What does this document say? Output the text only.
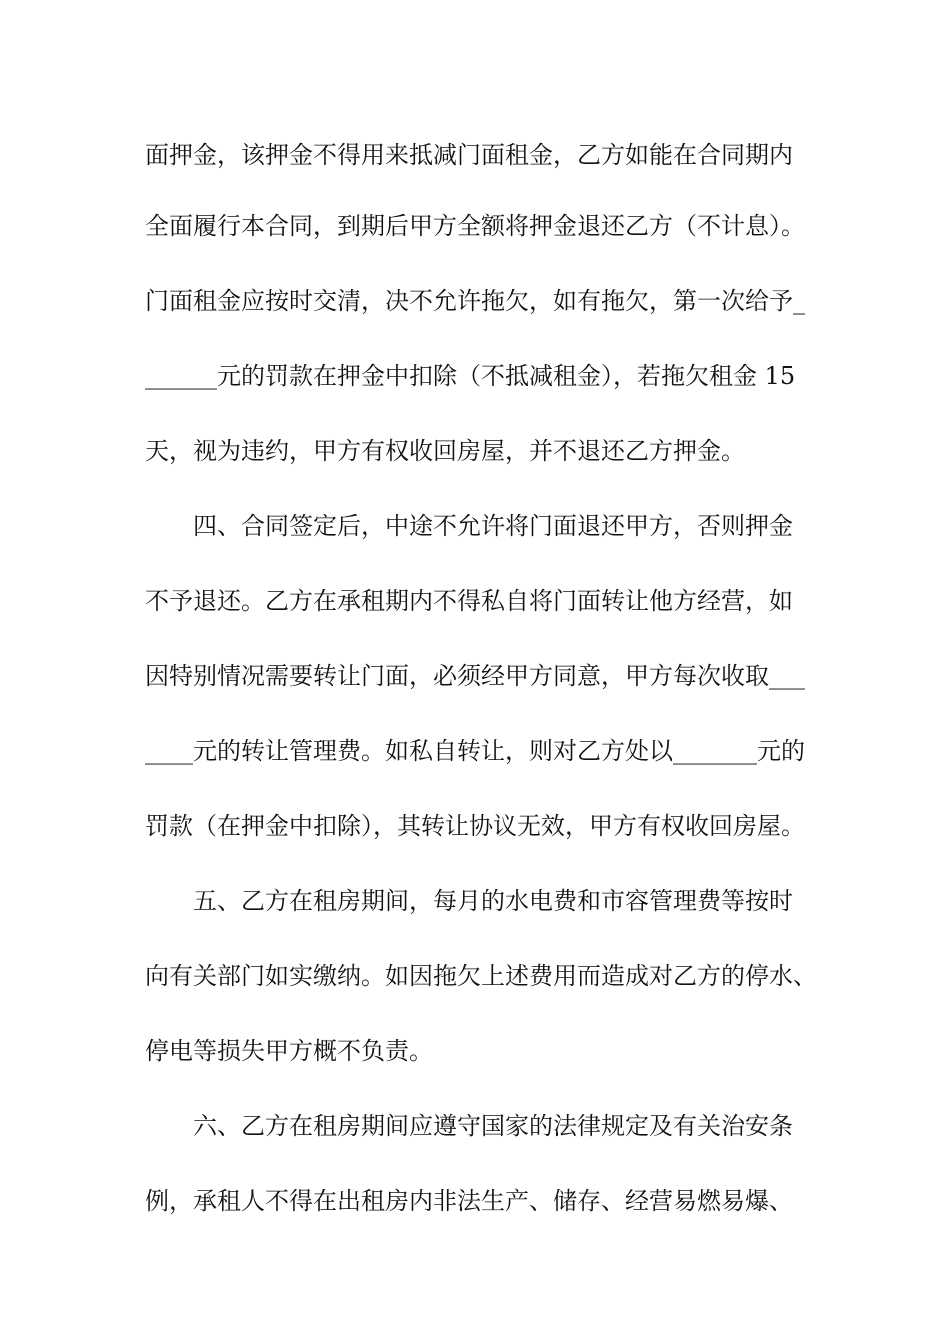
面押金，该押金不得用来抵减门面租金，乙方如能在合同期内
全面履行本合同，到期后甲方全额将押金退还乙方（不计息）。
门面租金应按时交清，决不允许拖欠，如有拖欠，第一次给予_
______元的罚款在押金中扣除（不抵减租金），若拖欠租金 15
天，视为违约，甲方有权收回房屋，并不退还乙方押金。
　　四、合同签定后，中途不允许将门面退还甲方，否则押金
不予退还。乙方在承租期内不得私自将门面转让他方经营，如
因特别情况需要转让门面，必须经甲方同意，甲方每次收取___
____元的转让管理费。如私自转让，则对乙方处以_______元的
罚款（在押金中扣除），其转让协议无效，甲方有权收回房屋。
　　五、乙方在租房期间，每月的水电费和市容管理费等按时
向有关部门如实缴纳。如因拖欠上述费用而造成对乙方的停水、
停电等损失甲方概不负责。
　　六、乙方在租房期间应遵守国家的法律规定及有关治安条
例，承租人不得在出租房内非法生产、储存、经营易燃易爆、
